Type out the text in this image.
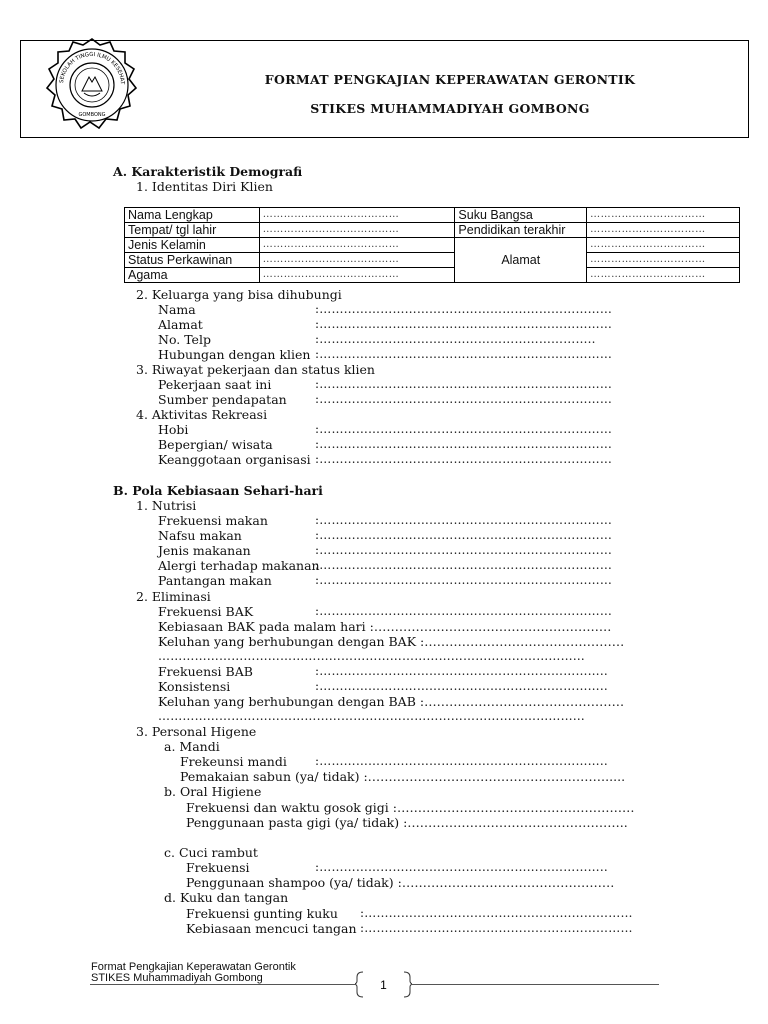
SEKOLAH TINGGI ILMU KESEHATAN MUHAMMADIYAH
GOMBONG
FORMAT PENGKAJIAN KEPERAWATAN GERONTIK
STIKES MUHAMMADIYAH GOMBONG
A. Karakteristik Demografi
1. Identitas Diri Klien
Nama Lengkap	…………………………………	Suku Bangsa	……………………………
Tempat/ tgl lahir	…………………………………	Pendidikan terakhir	……………………………
Jenis Kelamin	…………………………………	Alamat	……………………………
Status Perkawinan	…………………………………		……………………………
Agama	…………………………………		……………………………
2. Keluarga yang bisa dihubungi
Nama	:………………………………………………………………
Alamat	:………………………………………………………………
No. Telp	:…………………………………………………………..
Hubungan dengan klien :………………………………………………………………
3. Riwayat pekerjaan dan status klien
Pekerjaan saat ini	:………………………………………………………………
Sumber pendapatan :………………………………………………………………
4. Aktivitas Rekreasi
Hobi	:………………………………………………………………
Bepergian/ wisata	:………………………………………………………………
Keanggotaan organisasi :………………………………………………………………
B. Pola Kebiasaan Sehari-hari
1. Nutrisi
Frekuensi makan	:………………………………………………………………
Nafsu makan	:………………………………………………………………
Jenis makanan	:………………………………………………………………
Alergi terhadap makanan
:………………………………………………………………
Pantangan makan	:………………………………………………………………
2. Eliminasi
Frekuensi BAK	:………………………………………………………………
Kebiasaan BAK pada malam hari :…………………………………………………
Keluhan yang berhubungan dengan BAK :…………………………………………
……………………………………………………………………………………………
Frekuensi BAB	:……………………………………………………………..
Konsistensi	:……………………………………………………………..
Keluhan yang berhubungan dengan BAB :…………………………………………
……………………………………………………………………………………………
3. Personal Higene
a. Mandi
Frekeunsi mandi :……………………………………………………………..
Pemakaian sabun (ya/ tidak) :………………………………………………….....
b. Oral Higiene
Frekuensi dan waktu gosok gigi :…………………………………………………
Penggunaan pasta gigi (ya/ tidak) :……………………………………………..
c. Cuci rambut
Frekuensi	:……………………………………………………………..
Penggunaan shampoo (ya/ tidak) :……………………………………………
d. Kuku dan tangan
Frekuensi gunting kuku :…………………………………………………………
Kebiasaan mencuci tangan :…………………………………………………………
Format Pengkajian Keperawatan Gerontik
STIKES Muhammadiyah Gombong	1
